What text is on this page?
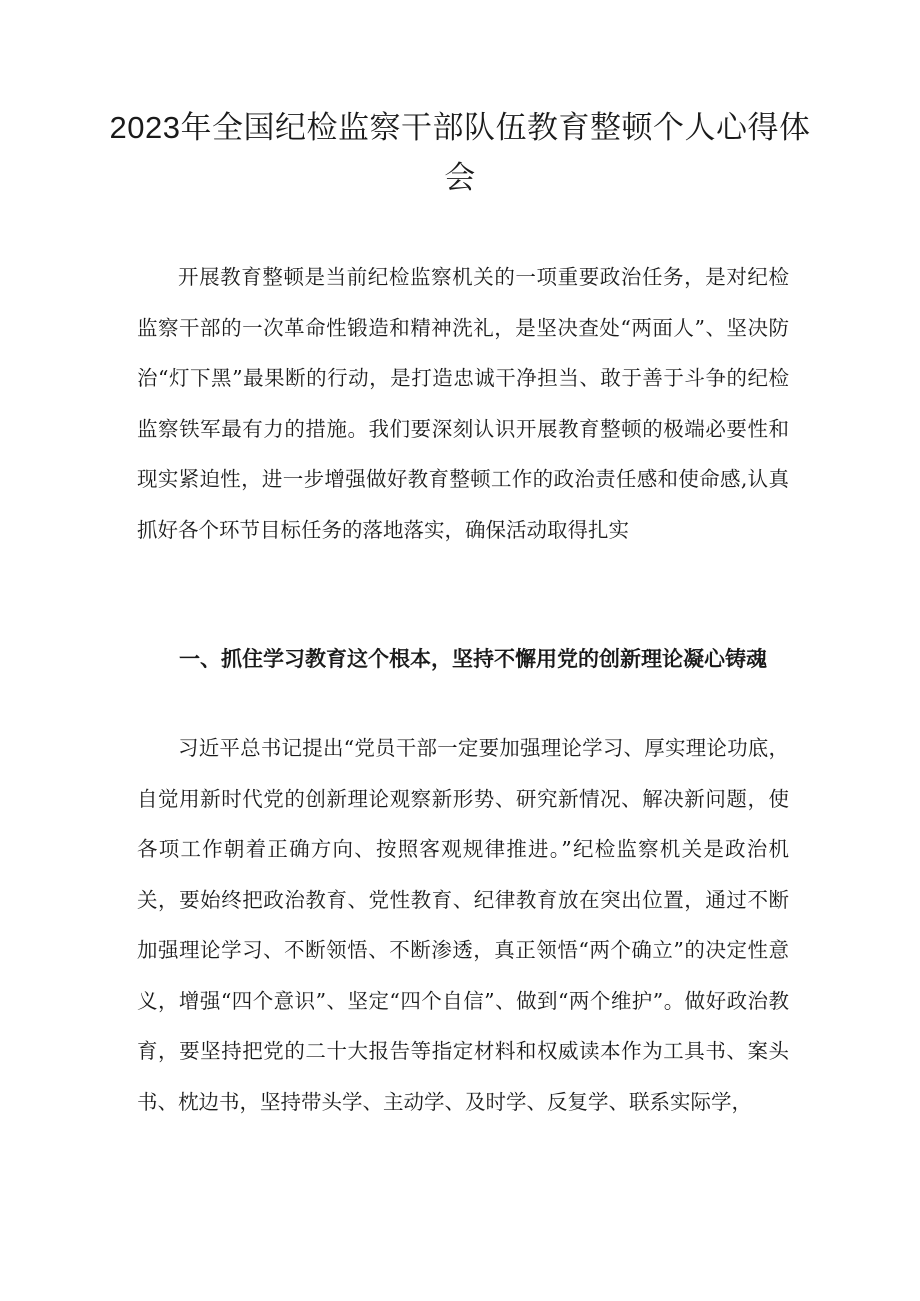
2023年全国纪检监察干部队伍教育整顿个人心得体会

开展教育整顿是当前纪检监察机关的一项重要政治任务，是对纪检监察干部的一次革命性锻造和精神洗礼，是坚决查处“两面人”、坚决防治“灯下黑”最果断的行动，是打造忠诚干净担当、敢于善于斗争的纪检监察铁军最有力的措施。我们要深刻认识开展教育整顿的极端必要性和现实紧迫性，进一步增强做好教育整顿工作的政治责任感和使命感,认真抓好各个环节目标任务的落地落实，确保活动取得扎实

一、抓住学习教育这个根本，坚持不懈用党的创新理论凝心铸魂

习近平总书记提出“党员干部一定要加强理论学习、厚实理论功底，自觉用新时代党的创新理论观察新形势、研究新情况、解决新问题，使各项工作朝着正确方向、按照客观规律推进。”纪检监察机关是政治机关，要始终把政治教育、党性教育、纪律教育放在突出位置，通过不断加强理论学习、不断领悟、不断渗透，真正领悟“两个确立”的决定性意义，增强“四个意识”、坚定“四个自信”、做到“两个维护”。做好政治教育，要坚持把党的二十大报告等指定材料和权威读本作为工具书、案头书、枕边书，坚持带头学、主动学、及时学、反复学、联系实际学，
